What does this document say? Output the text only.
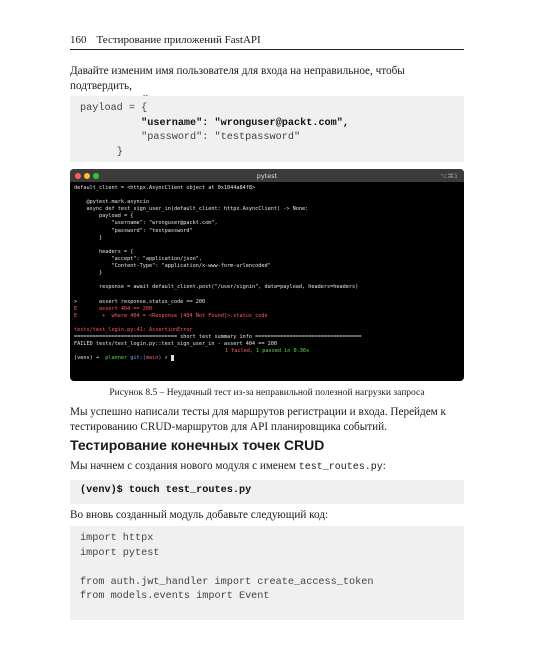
160 Тестирование приложений FastAPI
Давайте изменим имя пользователя для входа на неправильное, чтобы подтвердить,
payload = {
"username": "wronguser@packt.com",
"password": "testpassword"
}
pytest	⌥⌘1
default_client = <httpx.AsyncClient object at 0x1044a84f8>

@pytest.mark.asyncio
async def test_sign_user_in(default_client: httpx.AsyncClient) -> None:
payload = {
"username": "wronguser@packt.com",
"password": "testpassword"
}

headers = {
"accept": "application/json",
"Content-Type": "application/x-www-form-urlencoded"
}

response = await default_client.post("/user/signin", data=payload, headers=headers)

>       assert response.status_code == 200
E       assert 404 == 200
E        +  where 404 = <Response [404 Not Found]>.status_code

tests/test_login.py:41: AssertionError
================================= short test summary info ==================================
FAILED tests/test_login.py::test_sign_user_in - assert 404 == 200
1 failed, 1 passed in 0.36s
(venv) ➜  planner git:(main) ✗
Рисунок 8.5 – Неудачный тест из-за неправильной полезной нагрузки запроса
Мы успешно написали тесты для маршрутов регистрации и входа. Перейдем к
тестированию CRUD-маршрутов для API планировщика событий.
Тестирование конечных точек CRUD
Мы начнем с создания нового модуля с именем test_routes.py:
(venv)$ touch test_routes.py
Во вновь созданный модуль добавьте следующий код:
import httpx
import pytest

from auth.jwt_handler import create_access_token
from models.events import Event
